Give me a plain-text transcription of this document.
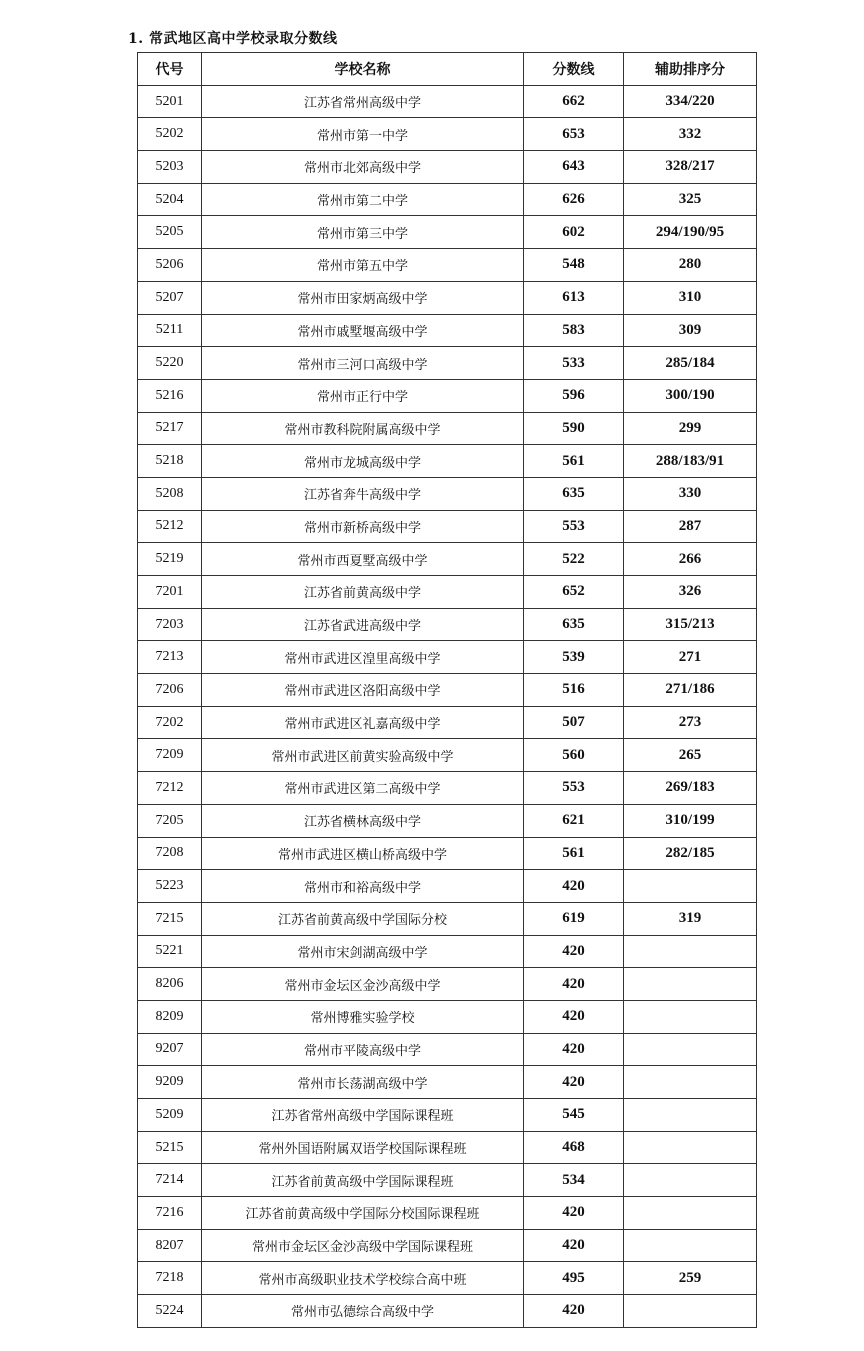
1. 常武地区高中学校录取分数线
代号	学校名称	分数线	辅助排序分
5201	江苏省常州高级中学	662	334/220
5202	常州市第一中学	653	332
5203	常州市北郊高级中学	643	328/217
5204	常州市第二中学	626	325
5205	常州市第三中学	602	294/190/95
5206	常州市第五中学	548	280
5207	常州市田家炳高级中学	613	310
5211	常州市戚墅堰高级中学	583	309
5220	常州市三河口高级中学	533	285/184
5216	常州市正行中学	596	300/190
5217	常州市教科院附属高级中学	590	299
5218	常州市龙城高级中学	561	288/183/91
5208	江苏省奔牛高级中学	635	330
5212	常州市新桥高级中学	553	287
5219	常州市西夏墅高级中学	522	266
7201	江苏省前黄高级中学	652	326
7203	江苏省武进高级中学	635	315/213
7213	常州市武进区湟里高级中学	539	271
7206	常州市武进区洛阳高级中学	516	271/186
7202	常州市武进区礼嘉高级中学	507	273
7209	常州市武进区前黄实验高级中学	560	265
7212	常州市武进区第二高级中学	553	269/183
7205	江苏省横林高级中学	621	310/199
7208	常州市武进区横山桥高级中学	561	282/185
5223	常州市和裕高级中学	420	
7215	江苏省前黄高级中学国际分校	619	319
5221	常州市宋剑湖高级中学	420	
8206	常州市金坛区金沙高级中学	420	
8209	常州博雅实验学校	420	
9207	常州市平陵高级中学	420	
9209	常州市长荡湖高级中学	420	
5209	江苏省常州高级中学国际课程班	545	
5215	常州外国语附属双语学校国际课程班	468	
7214	江苏省前黄高级中学国际课程班	534	
7216	江苏省前黄高级中学国际分校国际课程班	420	
8207	常州市金坛区金沙高级中学国际课程班	420	
7218	常州市高级职业技术学校综合高中班	495	259
5224	常州市弘德综合高级中学	420	
